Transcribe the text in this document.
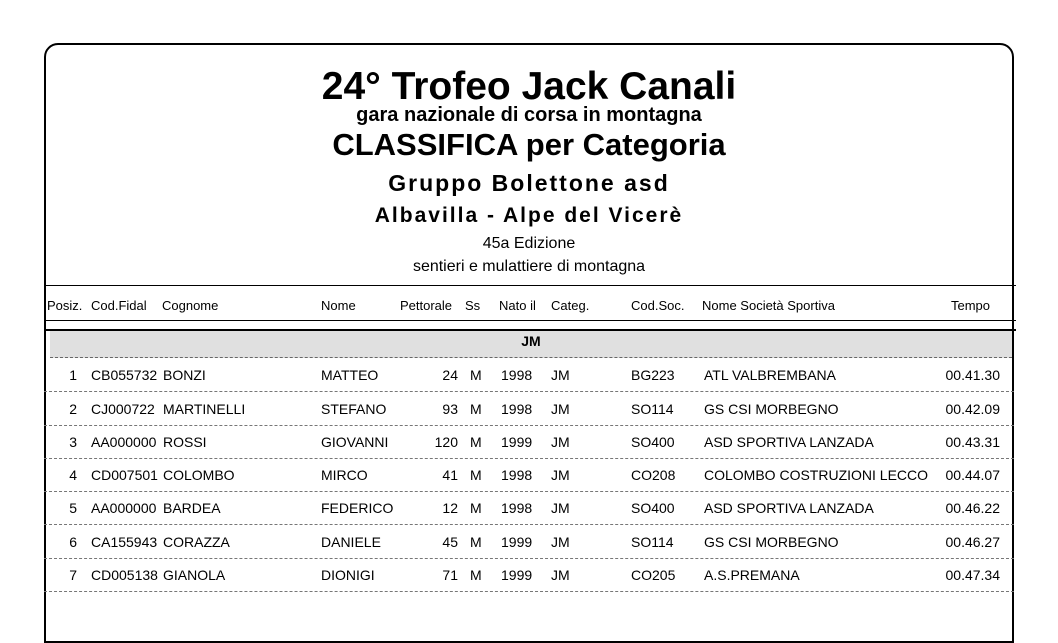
24° Trofeo Jack Canali
gara nazionale di corsa in montagna
CLASSIFICA per Categoria
Gruppo Bolettone asd
Albavilla - Alpe del Vicerè
45a Edizione
sentieri e mulattiere di montagna
Posiz. Cod.Fidal Cognome	Nome	Pettorale Ss Nato il Categ.	Cod.Soc. Nome Società Sportiva	Tempo
JM
1 CB055732 BONZI	MATTEO	24 M 1998 JM	BG223 ATL VALBREMBANA	00.41.30
2 CJ000722 MARTINELLI	STEFANO	93 M 1998 JM	SO114 GS CSI MORBEGNO	00.42.09
3 AA000000 ROSSI	GIOVANNI	120 M 1999 JM	SO400 ASD SPORTIVA LANZADA	00.43.31
4 CD007501 COLOMBO	MIRCO	41 M 1998 JM	CO208 COLOMBO COSTRUZIONI LECCO	00.44.07
5 AA000000 BARDEA	FEDERICO	12 M 1998 JM	SO400 ASD SPORTIVA LANZADA	00.46.22
6 CA155943 CORAZZA	DANIELE	45 M 1999 JM	SO114 GS CSI MORBEGNO	00.46.27
7 CD005138 GIANOLA	DIONIGI	71 M 1999 JM	CO205 A.S.PREMANA	00.47.34
